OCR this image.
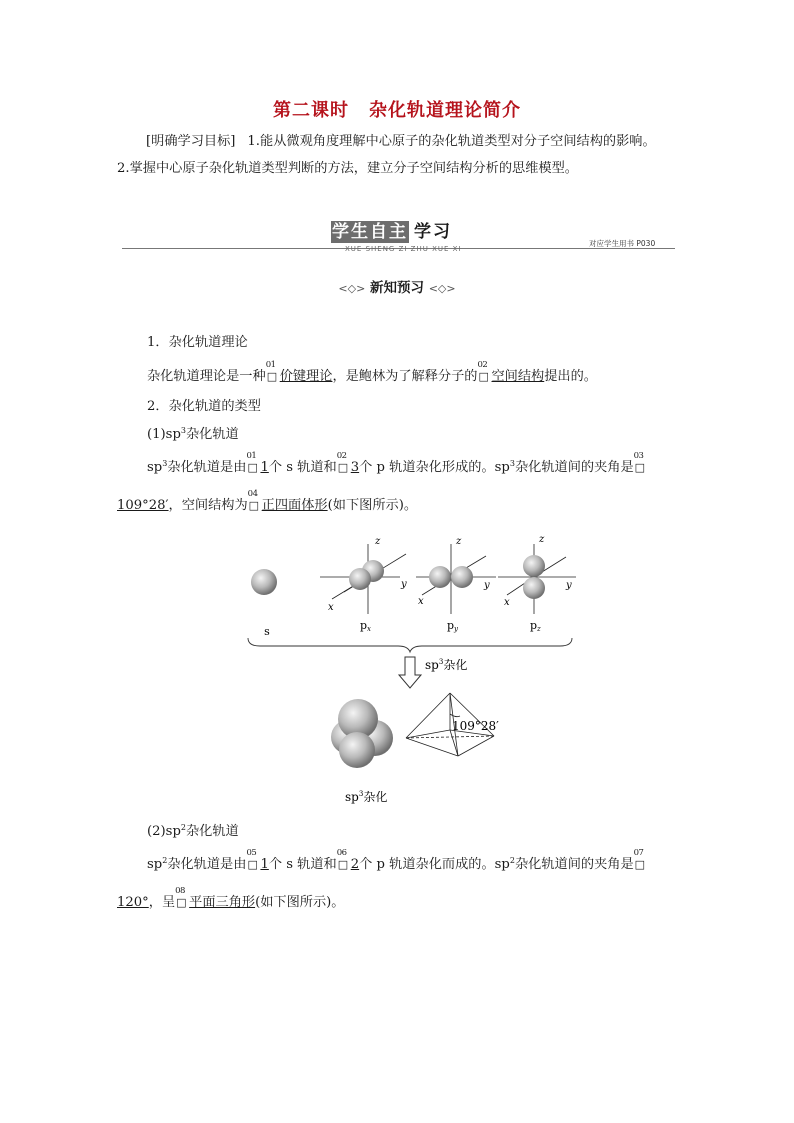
第二课时 杂化轨道理论简介
[明确学习目标] 1.能从微观角度理解中心原子的杂化轨道类型对分子空间结构的影响。
2.掌握中心原子杂化轨道类型判断的方法，建立分子空间结构分析的思维模型。
学生自主 学习
XUE SHENG ZI ZHU XUE XI
对应学生用书 P030
<◇> 新知预习 <◇>
1．杂化轨道理论
杂化轨道理论是一种
01
□ 价键理论，是鲍林为了解释分子的
02
□ 空间结构提出的。
2．杂化轨道的类型
$(1)sp^3$杂化轨道
$sp^3$杂化轨道是由
01
□ 1个 s 轨道和
02
□ 3个 p 轨道杂化形成的。$sp^3$杂化轨道间的夹角是
03
□
109°28′，空间结构为
04
□ 正四面体形(如下图所示)。
s
z
y
x
px
z
y
x
py
z
y
x
pz
$sp^3$杂化
109°28′
$sp^3$杂化
$(2)sp^2$杂化轨道
$sp^2$杂化轨道是由
05
□ 1个 s 轨道和
06
□ 2个 p 轨道杂化而成的。$sp^2$杂化轨道间的夹角是
07
□
120°，呈
08
□ 平面三角形(如下图所示)。
